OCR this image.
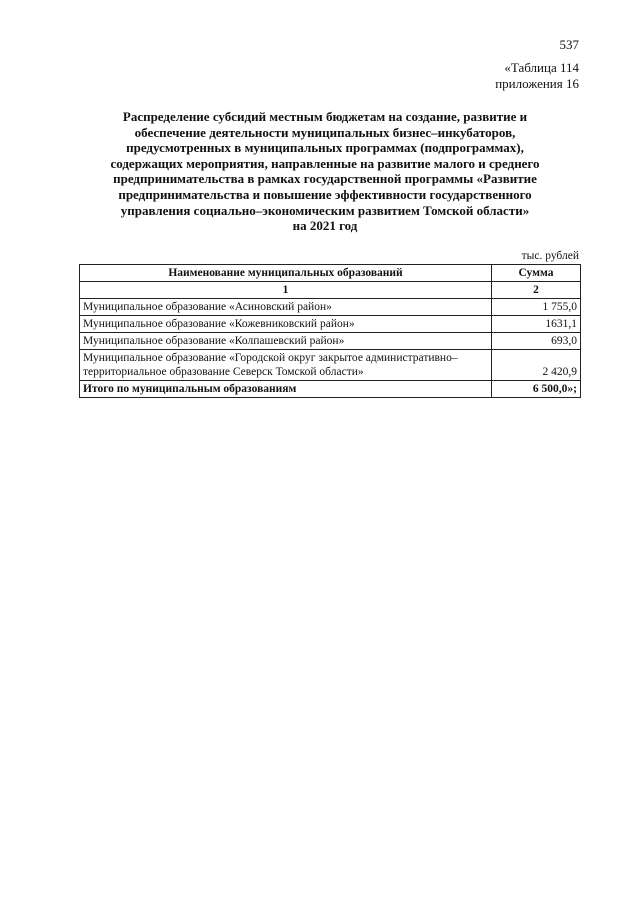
537
«Таблица 114
приложения 16
Распределение субсидий местным бюджетам на создание, развитие и
обеспечение деятельности муниципальных бизнес–инкубаторов,
предусмотренных в муниципальных программах (подпрограммах),
содержащих мероприятия, направленные на развитие малого и среднего
предпринимательства в рамках государственной программы «Развитие
предпринимательства и повышение эффективности государственного
управления социально–экономическим развитием Томской области»
на 2021 год
тыс. рублей
Наименование муниципальных образований	Сумма
1	2
Муниципальное образование «Асиновский район»	1 755,0
Муниципальное образование «Кожевниковский район»	1631,1
Муниципальное образование «Колпашевский район»	693,0
Муниципальное образование «Городской округ закрытое административно–территориальное образование Северск Томской области»	2 420,9
Итого по муниципальным образованиям	6 500,0»;
